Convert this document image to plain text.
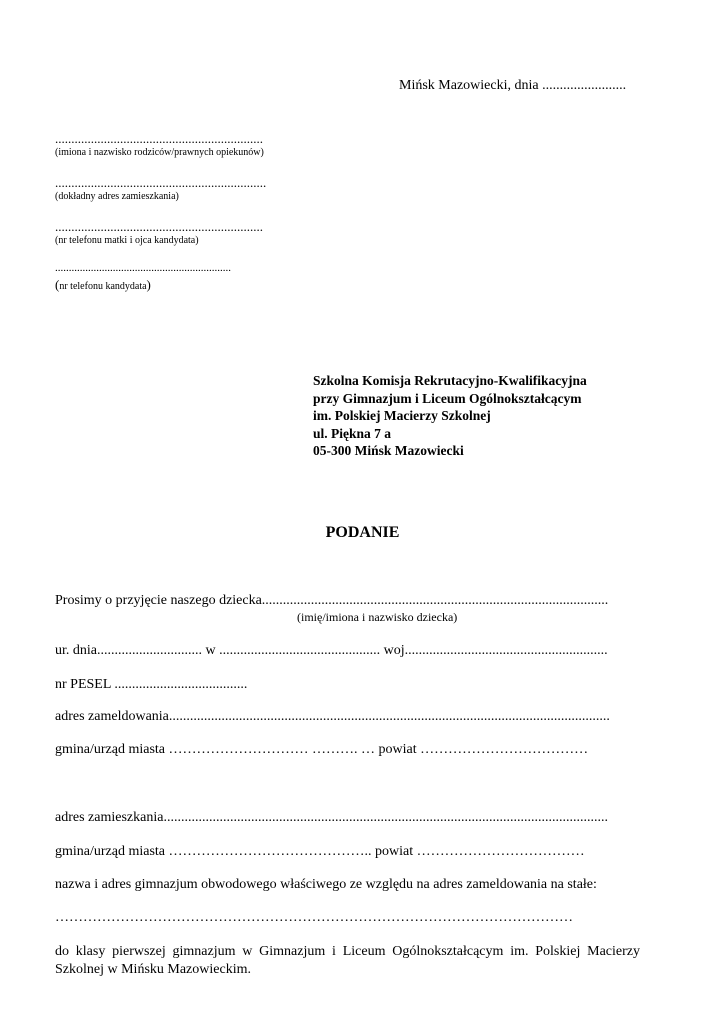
Mińsk Mazowiecki, dnia ........................
................................................................
(imiona i nazwisko rodziców/prawnych opiekunów)
.................................................................
(dokładny adres zamieszkania)
................................................................
(nr telefonu matki i ojca kandydata)
................................................................
(nr telefonu kandydata)
Szkolna Komisja Rekrutacyjno-Kwalifikacyjna
przy Gimnazjum i Liceum Ogólnokształcącym
im. Polskiej Macierzy Szkolnej
ul. Piękna 7 a
05-300 Mińsk Mazowiecki
PODANIE
Prosimy o przyjęcie naszego dziecka...................................................................................................
(imię/imiona i nazwisko dziecka)
ur. dnia.............................. w .............................................. woj..........................................................
nr PESEL ......................................
adres zameldowania..............................................................................................................................
gmina/urząd miasta ………………………… ………. … powiat ………………………………
adres zamieszkania...............................................................................................................................
gmina/urząd miasta …………………………………….. powiat ………………………………
nazwa i adres gimnazjum obwodowego właściwego ze względu na adres zameldowania na stałe:
…………………………………………………………………………………………………
do klasy pierwszej gimnazjum w Gimnazjum i Liceum Ogólnokształcącym im. Polskiej Macierzy Szkolnej w Mińsku Mazowieckim.
